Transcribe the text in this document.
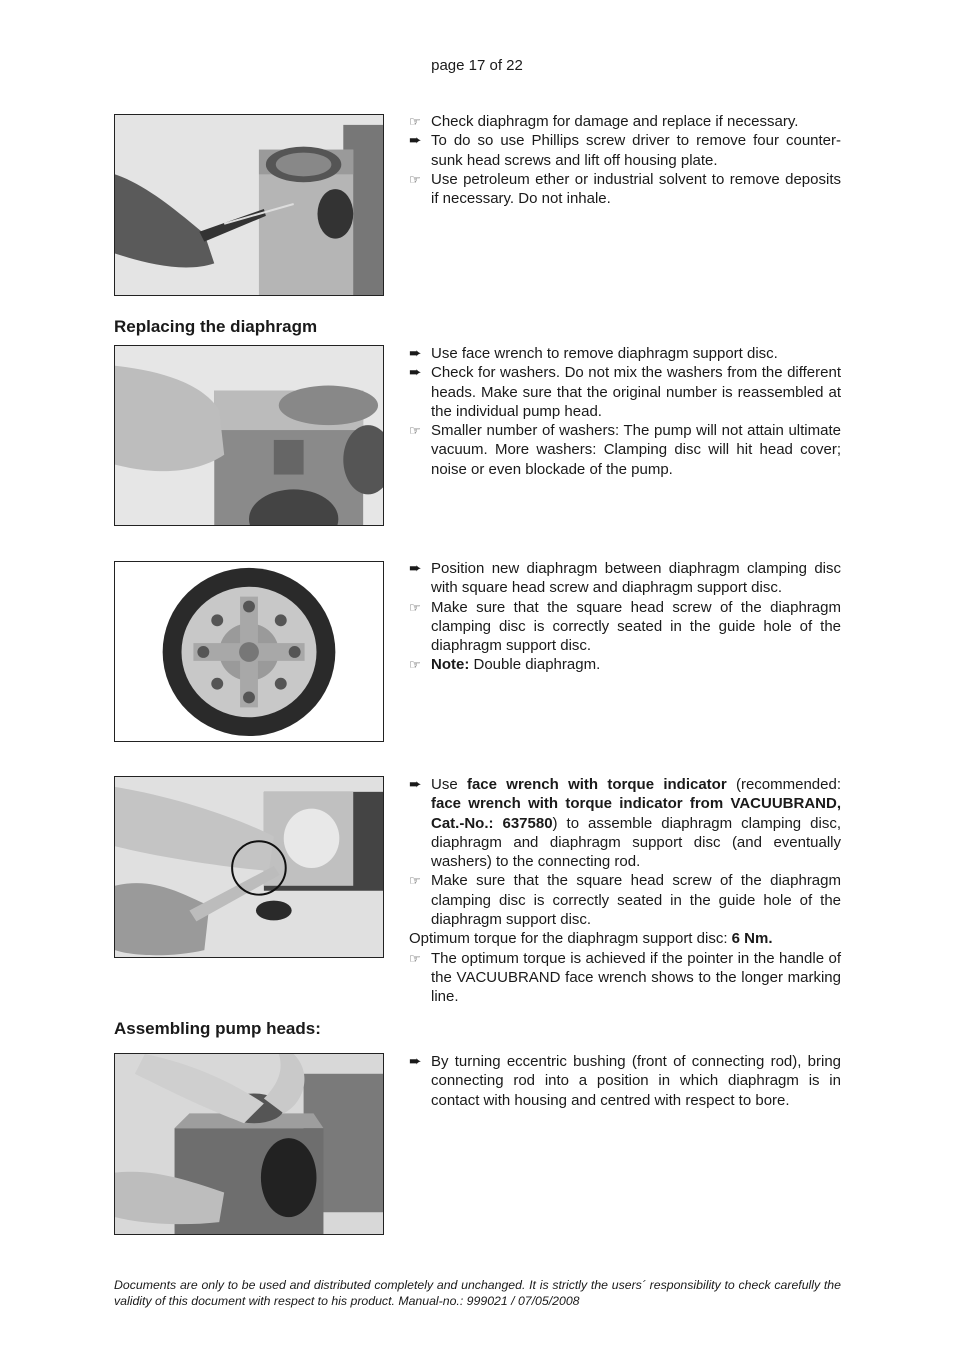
page 17 of 22
☞ Check diaphragm for damage and replace if necessary.
➨ To do so use Phillips screw driver to remove four counter-sunk head screws and lift off housing plate.
☞ Use petroleum ether or industrial solvent to remove deposits if necessary. Do not inhale.
Replacing the diaphragm
➨ Use face wrench to remove diaphragm support disc.
➨ Check for washers. Do not mix the washers from the different heads. Make sure that the original number is reassembled at the individual pump head.
☞ Smaller number of washers: The pump will not attain ultimate vacuum. More washers: Clamping disc will hit head cover; noise or even blockade of the pump.
➨ Position new diaphragm between diaphragm clamping disc with square head screw and diaphragm support disc.
☞ Make sure that the square head screw of the diaphragm clamping disc is correctly seated in the guide hole of the diaphragm support disc.
☞ Note: Double diaphragm.
➨ Use face wrench with torque indicator (recommended: face wrench with torque indicator from VACUUBRAND, Cat.-No.: 637580) to assemble diaphragm clamping disc, diaphragm and diaphragm support disc (and eventually washers) to the connecting rod.
☞ Make sure that the square head screw of the diaphragm clamping disc is correctly seated in the guide hole of the diaphragm support disc.
Optimum torque for the diaphragm support disc: 6 Nm.
☞ The optimum torque is achieved if the pointer in the handle of the VACUUBRAND face wrench shows to the longer marking line.
Assembling pump heads:
➨ By turning eccentric bushing (front of connecting rod), bring connecting rod into a position in which diaphragm is in contact with housing and centred with respect to bore.
Documents are only to be used and distributed completely and unchanged. It is strictly the users´ responsibility to check carefully the validity of this document with respect to his product. Manual-no.: 999021 / 07/05/2008
